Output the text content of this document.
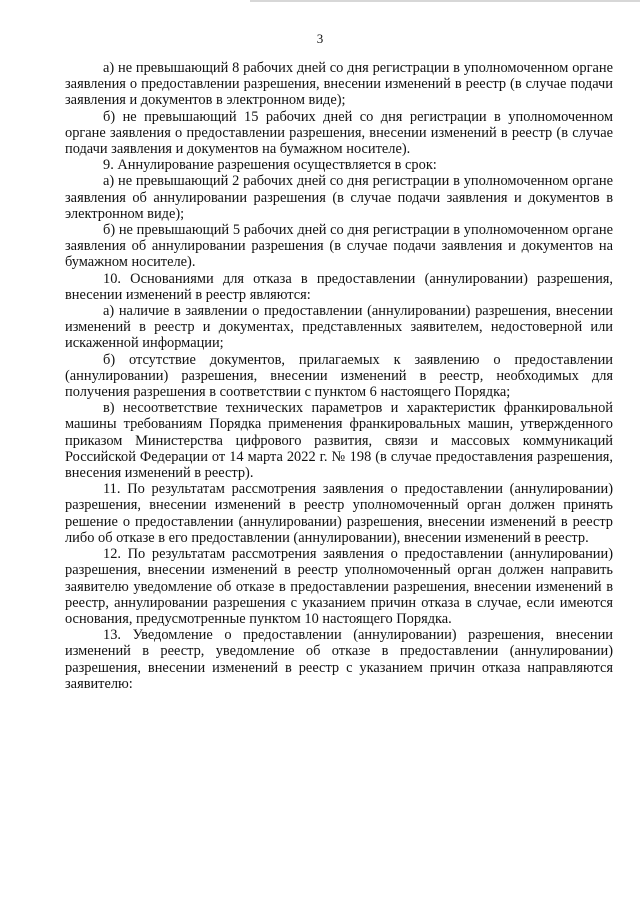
3

а) не превышающий 8 рабочих дней со дня регистрации в уполномоченном органе заявления о предоставлении разрешения, внесении изменений в реестр (в случае подачи заявления и документов в электронном виде);

б) не превышающий 15 рабочих дней со дня регистрации в уполномоченном органе заявления о предоставлении разрешения, внесении изменений в реестр (в случае подачи заявления и документов на бумажном носителе).

9. Аннулирование разрешения осуществляется в срок:

а) не превышающий 2 рабочих дней со дня регистрации в уполномоченном органе заявления об аннулировании разрешения (в случае подачи заявления и документов в электронном виде);

б) не превышающий 5 рабочих дней со дня регистрации в уполномоченном органе заявления об аннулировании разрешения (в случае подачи заявления и документов на бумажном носителе).

10. Основаниями для отказа в предоставлении (аннулировании) разрешения, внесении изменений в реестр являются:

а) наличие в заявлении о предоставлении (аннулировании) разрешения, внесении изменений в реестр и документах, представленных заявителем, недостоверной или искаженной информации;

б) отсутствие документов, прилагаемых к заявлению о предоставлении (аннулировании) разрешения, внесении изменений в реестр, необходимых для получения разрешения в соответствии с пунктом 6 настоящего Порядка;

в) несоответствие технических параметров и характеристик франкировальной машины требованиям Порядка применения франкировальных машин, утвержденного приказом Министерства цифрового развития, связи и массовых коммуникаций Российской Федерации от 14 марта 2022 г. № 198 (в случае предоставления разрешения, внесения изменений в реестр).

11. По результатам рассмотрения заявления о предоставлении (аннулировании) разрешения, внесении изменений в реестр уполномоченный орган должен принять решение о предоставлении (аннулировании) разрешения, внесении изменений в реестр либо об отказе в его предоставлении (аннулировании), внесении изменений в реестр.

12. По результатам рассмотрения заявления о предоставлении (аннулировании) разрешения, внесении изменений в реестр уполномоченный орган должен направить заявителю уведомление об отказе в предоставлении разрешения, внесении изменений в реестр, аннулировании разрешения с указанием причин отказа в случае, если имеются основания, предусмотренные пунктом 10 настоящего Порядка.

13. Уведомление о предоставлении (аннулировании) разрешения, внесении изменений в реестр, уведомление об отказе в предоставлении (аннулировании) разрешения, внесении изменений в реестр с указанием причин отказа направляются заявителю:
